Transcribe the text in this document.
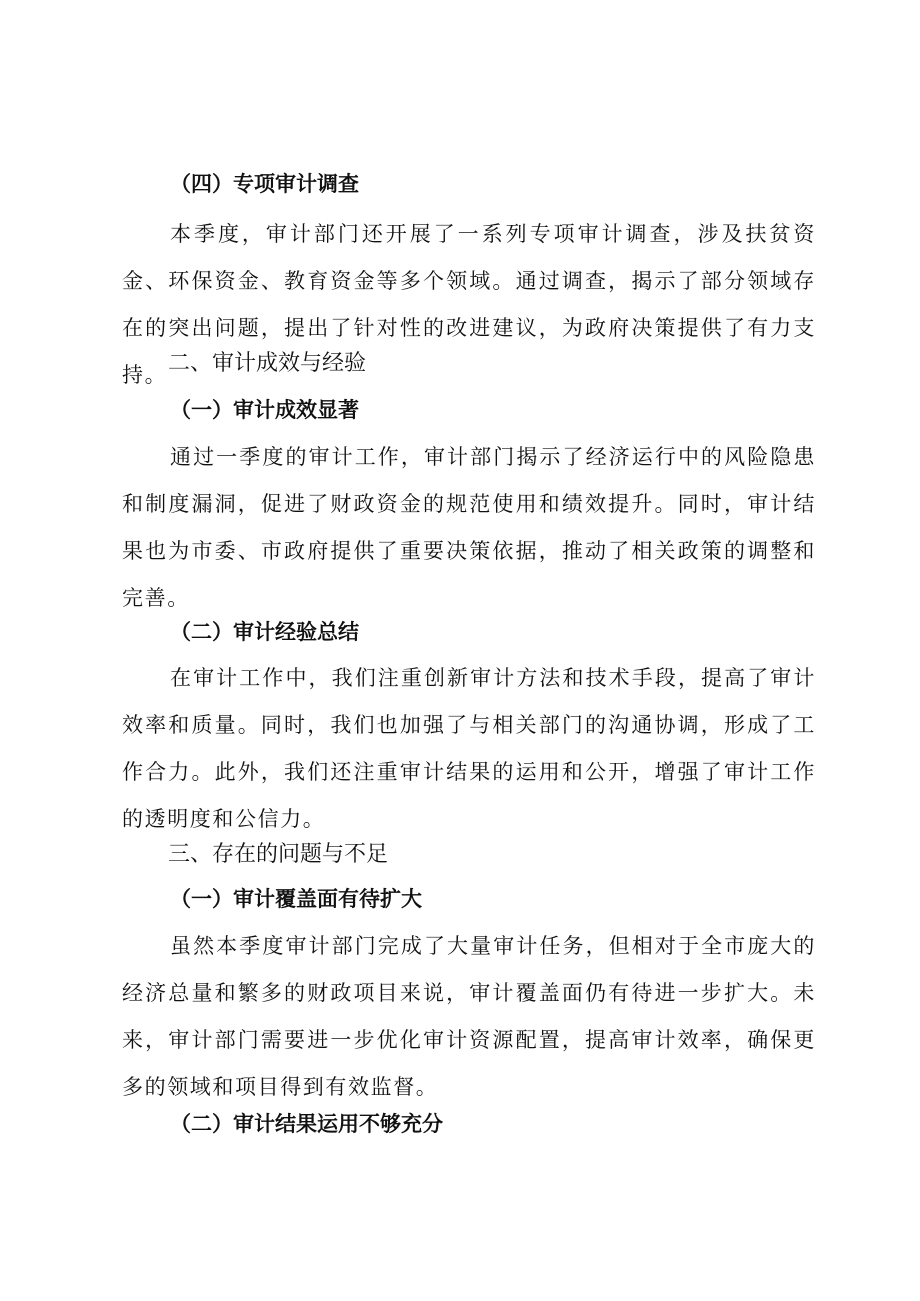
（四）专项审计调查

本季度，审计部门还开展了一系列专项审计调查，涉及扶贫资金、环保资金、教育资金等多个领域。通过调查，揭示了部分领域存在的突出问题，提出了针对性的改进建议，为政府决策提供了有力支持。 二、审计成效与经验
（一）审计成效显著

通过一季度的审计工作，审计部门揭示了经济运行中的风险隐患和制度漏洞，促进了财政资金的规范使用和绩效提升。同时，审计结果也为市委、市政府提供了重要决策依据，推动了相关政策的调整和完善。

（二）审计经验总结

在审计工作中，我们注重创新审计方法和技术手段，提高了审计效率和质量。同时，我们也加强了与相关部门的沟通协调，形成了工作合力。此外，我们还注重审计结果的运用和公开，增强了审计工作的透明度和公信力。

三、存在的问题与不足
（一）审计覆盖面有待扩大

虽然本季度审计部门完成了大量审计任务，但相对于全市庞大的经济总量和繁多的财政项目来说，审计覆盖面仍有待进一步扩大。未来，审计部门需要进一步优化审计资源配置，提高审计效率，确保更多的领域和项目得到有效监督。

（二）审计结果运用不够充分
